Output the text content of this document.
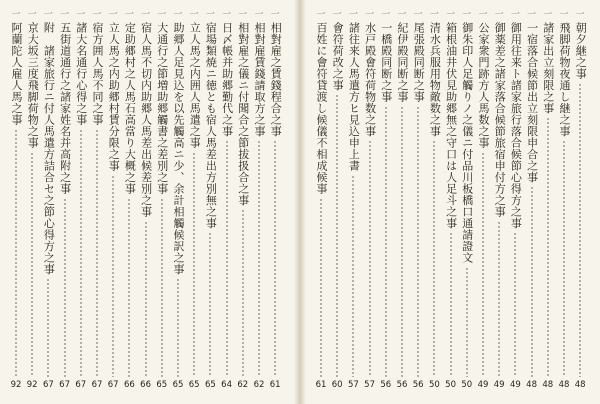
一
相對雇之賃錢程合之事
61
一
相對雇賃錢請取方之事
62
一
相對雇之儀ニ付聞合之節拔扱合之事
62
一
日〆帳并助郷勤代之事
64
一
宿場類焼ニ徳とも宿人馬差出方別無之事
65
一
立人馬之内囲人馬遣之事
65
一
助郷人足見込を以先觸高ニ少、余計相觸候訳之事
65
一
大通行之節増助郷觸書之差別之事
65
一
宿人馬不切内助郷人馬差出候差別之事
66
一
定助郷村之人馬石高當り大概之事
66
一
立人馬之内助郷村賃分限之事
67
一
宿方囲人馬不同之事
67
一
諸大名通行心得之事
67
一
五街道通行之諸家姓名并高附之事
67
一
附　諸家旅行ニ付人馬遣方詰合セ之節心得方之事
67
一
京大坂三度飛脚荷物之事
92
一
阿蘭陀人雇人馬之事
92
一
朝夕継之事
48
一
飛脚荷物夜通し継之事
48
一
諸家出立刻限之事
48
一
一宿落合候節出立刻限申合之事
48
一
御用往来ト諸家旅行落合候節心得方之事
49
一
御薬差之諸家落合候節旅宿申付方之事
49
一
公家衆門跡方人馬数之事
49
一
御朱印人足觸りノ之儀ニ付品川板橋口通請證文
50
一
箱根油井伏見助郷無之守口は人足斗之事
50
一
清水兵服用物敵数之事
50
一
尾張殿同断之事
56
一
紀伊殿同断之事
56
一
一橋殿同断之事
56
一
水戸殿會符荷物数之事
57
一
諸往来人馬遣方ヒ見込申上書
57
一
會符荷改之事
60
一
百姓に會符貸渡し候儀不相成候事
61
